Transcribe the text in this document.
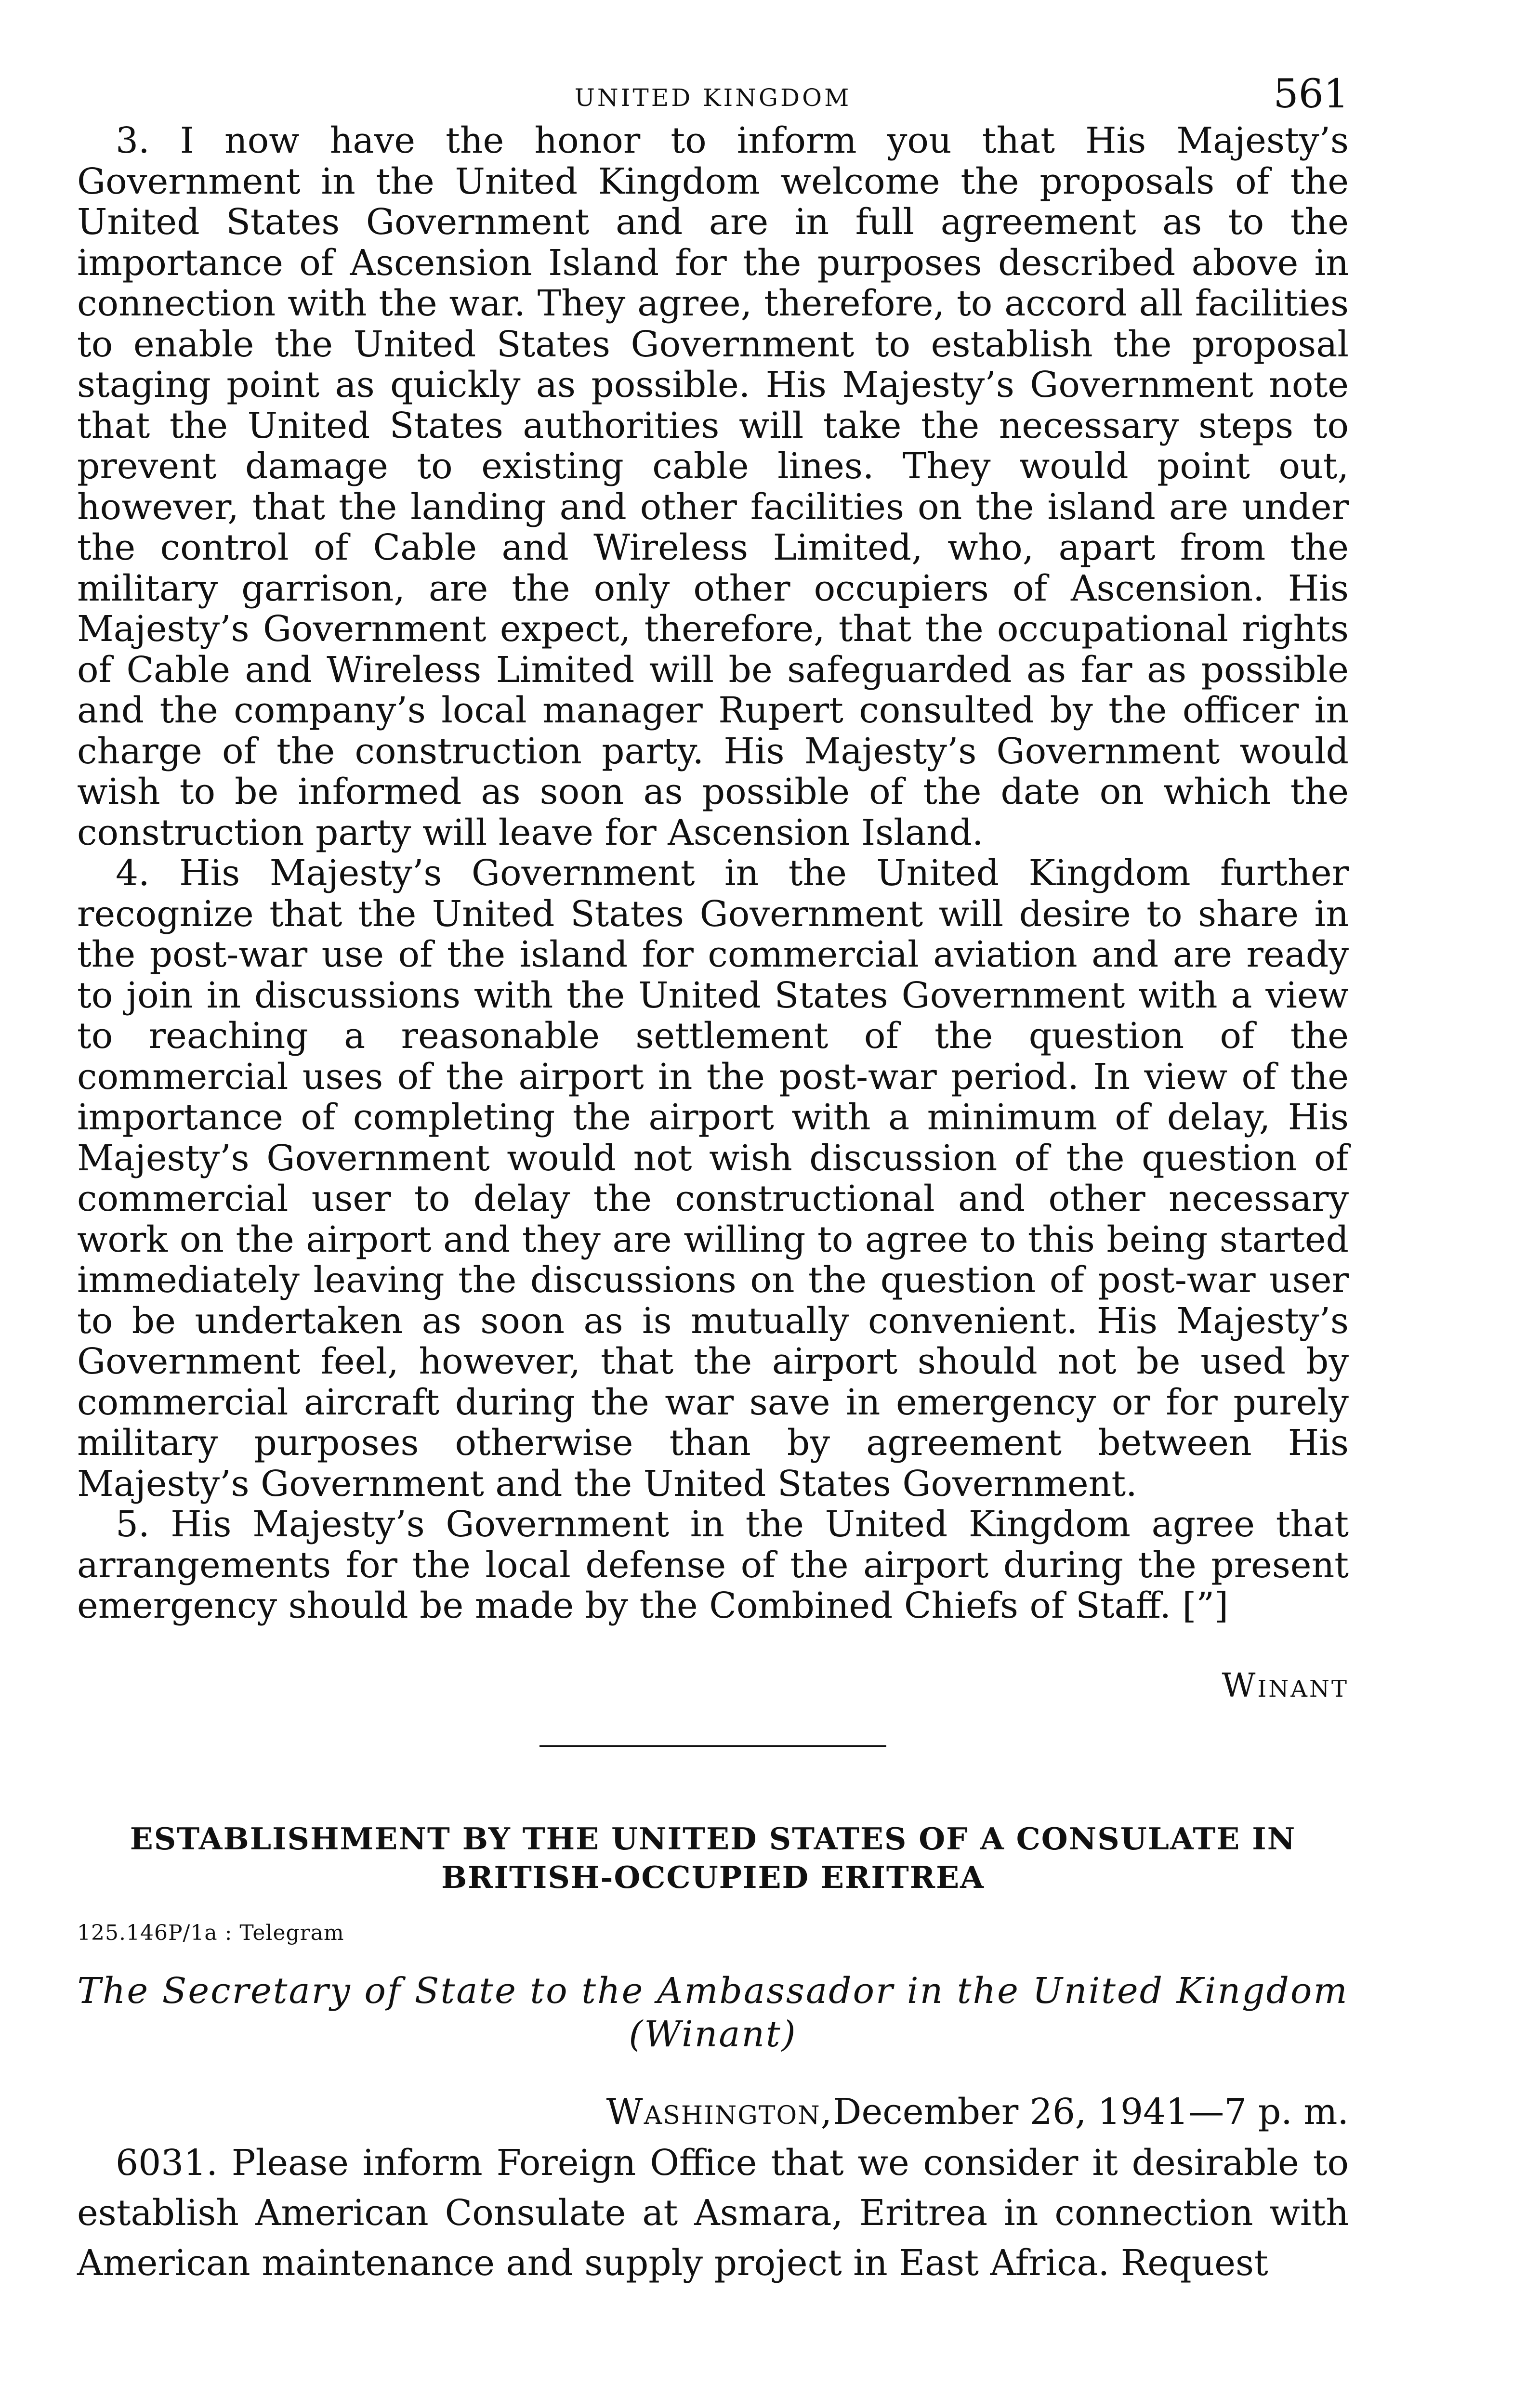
UNITED KINGDOM	561

3. I now have the honor to inform you that His Majesty’s Government in the United Kingdom welcome the proposals of the United States Government and are in full agreement as to the importance of Ascension Island for the purposes described above in connection with the war. They agree, therefore, to accord all facilities to enable the United States Government to establish the proposal staging point as quickly as possible. His Majesty’s Government note that the United States authorities will take the necessary steps to prevent damage to existing cable lines. They would point out, however, that the landing and other facilities on the island are under the control of Cable and Wireless Limited, who, apart from the military garrison, are the only other occupiers of Ascension. His Majesty’s Government expect, therefore, that the occupational rights of Cable and Wireless Limited will be safeguarded as far as possible and the company’s local manager Rupert consulted by the officer in charge of the construction party. His Majesty’s Government would wish to be informed as soon as possible of the date on which the construction party will leave for Ascension Island.

4. His Majesty’s Government in the United Kingdom further recognize that the United States Government will desire to share in the post-war use of the island for commercial aviation and are ready to join in discussions with the United States Government with a view to reaching a reasonable settlement of the question of the commercial uses of the airport in the post-war period. In view of the importance of completing the airport with a minimum of delay, His Majesty’s Government would not wish discussion of the question of commercial user to delay the constructional and other necessary work on the airport and they are willing to agree to this being started immediately leaving the discussions on the question of post-war user to be undertaken as soon as is mutually convenient. His Majesty’s Government feel, however, that the airport should not be used by commercial aircraft during the war save in emergency or for purely military purposes otherwise than by agreement between His Majesty’s Government and the United States Government.

5. His Majesty’s Government in the United Kingdom agree that arrangements for the local defense of the airport during the present emergency should be made by the Combined Chiefs of Staff. [”]

Winant
ESTABLISHMENT BY THE UNITED STATES OF A CONSULATE IN
BRITISH-OCCUPIED ERITREA
125.146P/1a : Telegram
The Secretary of State to the Ambassador in the United Kingdom
(Winant)
Washington,December 26, 1941—7 p. m.

6031. Please inform Foreign Office that we consider it desirable to establish American Consulate at Asmara, Eritrea in connection with American maintenance and supply project in East Africa. Request
